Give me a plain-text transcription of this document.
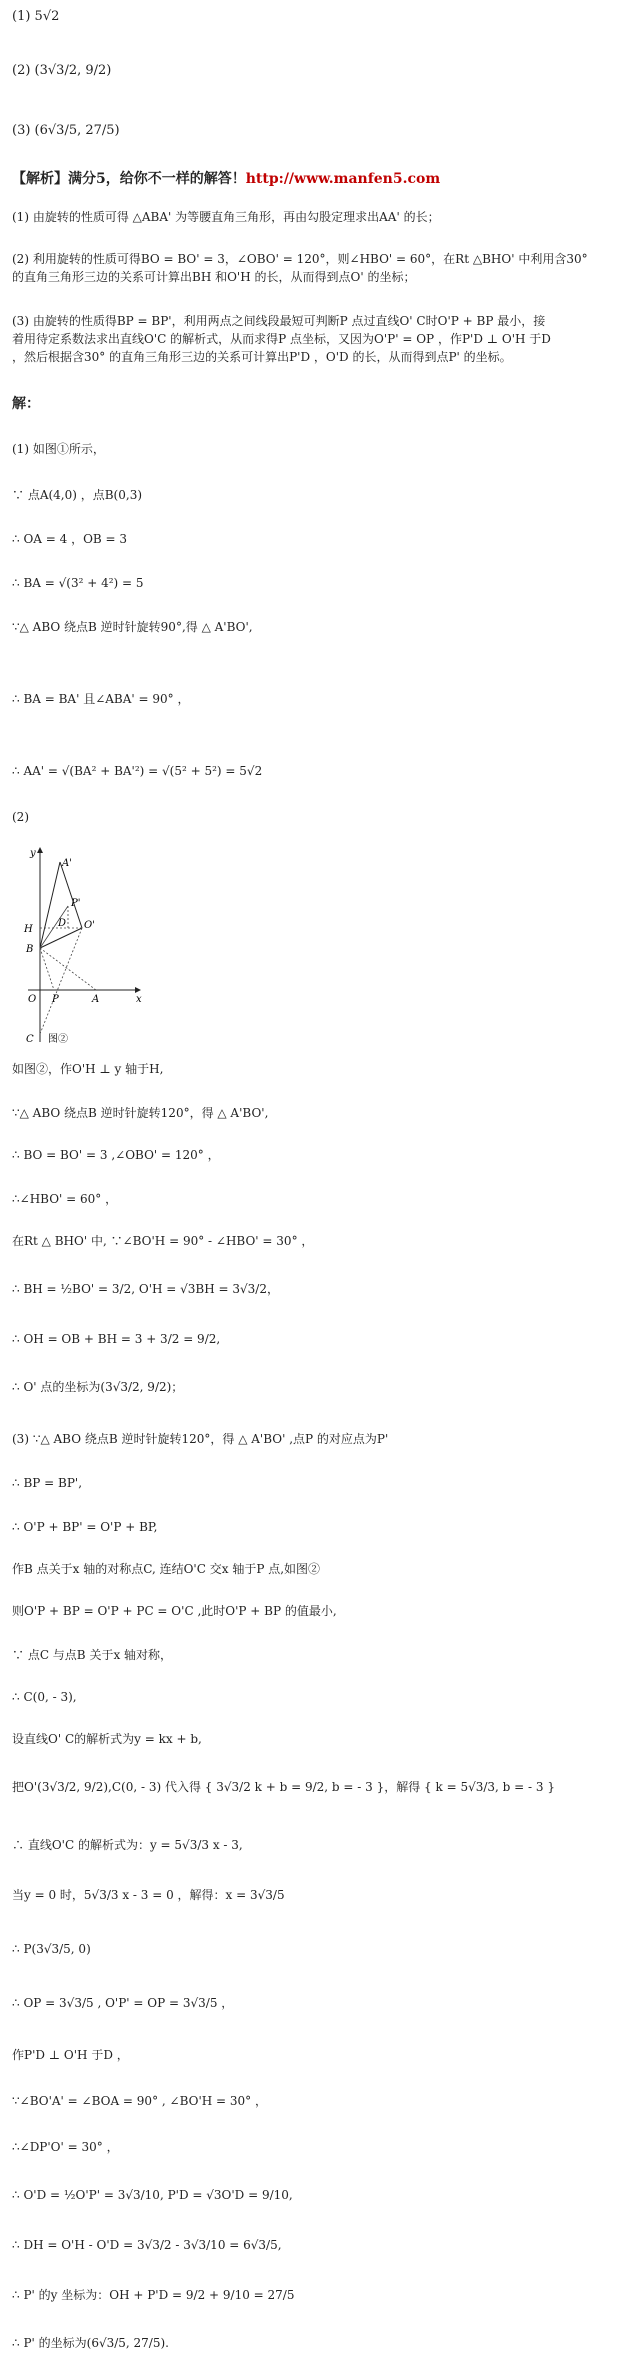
(1) 5√2
(2) (3√3/2, 9/2)
(3) (6√3/5, 27/5)
【解析】满分5，给你不一样的解答！http://www.manfen5.com
(1) 由旋转的性质可得 △ABA' 为等腰直角三角形，再由勾股定理求出AA' 的长；
(2) 利用旋转的性质可得BO = BO' = 3，∠OBO' = 120°，则∠HBO' = 60°，在Rt △BHO' 中利用含30°
的直角三角形三边的关系可计算出BH 和O'H 的长，从而得到点O' 的坐标；
(3) 由旋转的性质得BP = BP'，利用两点之间线段最短可判断P 点过直线O' C时O'P + BP 最小，接
着用待定系数法求出直线O'C 的解析式，从而求得P 点坐标，又因为O'P' = OP ，作P'D ⊥ O'H 于D
，然后根据含30° 的直角三角形三边的关系可计算出P'D ，O'D 的长，从而得到点P' 的坐标。
解：
(1) 如图①所示，
∵ 点A(4,0) ，点B(0,3)
∴ OA = 4 ，OB = 3
∴ BA = √(3² + 4²) = 5
∵△ ABO 绕点B 逆时针旋转90°,得 △ A'BO',
∴ BA = BA' 且∠ABA' = 90° ，
∴ AA' = √(BA² + BA'²) = √(5² + 5²) = 5√2
(2)
y
x
A'
P'
D O'
H
B
O P	A
C 图②
如图②，作O'H ⊥ y 轴于H,
∵△ ABO 绕点B 逆时针旋转120°，得 △ A'BO',
∴ BO = BO' = 3 ,∠OBO' = 120° ，
∴∠HBO' = 60° ，
在Rt △ BHO' 中, ∵∠BO'H = 90° - ∠HBO' = 30° ，
∴ BH = ½BO' = 3/2, O'H = √3BH = 3√3/2，
∴ OH = OB + BH = 3 + 3/2 = 9/2,
∴ O' 点的坐标为(3√3/2, 9/2)；
(3) ∵△ ABO 绕点B 逆时针旋转120°，得 △ A'BO' ,点P 的对应点为P'
∴ BP = BP',
∴ O'P + BP' = O'P + BP,
作B 点关于x 轴的对称点C, 连结O'C 交x 轴于P 点,如图②
则O'P + BP = O'P + PC = O'C ,此时O'P + BP 的值最小,
∵ 点C 与点B 关于x 轴对称，
∴ C(0, - 3),
设直线O' C的解析式为y = kx + b,
把O'(3√3/2, 9/2),C(0, - 3) 代入得 { 3√3/2 k + b = 9/2, b = - 3 }，解得 { k = 5√3/3, b = - 3 }
∴ 直线O'C 的解析式为：y = 5√3/3 x - 3,
当y = 0 时，5√3/3 x - 3 = 0 ，解得：x = 3√3/5
∴ P(3√3/5, 0)
∴ OP = 3√3/5 , O'P' = OP = 3√3/5 ，
作P'D ⊥ O'H 于D ，
∵∠BO'A' = ∠BOA = 90° , ∠BO'H = 30° ，
∴∠DP'O' = 30° ，
∴ O'D = ½O'P' = 3√3/10, P'D = √3O'D = 9/10,
∴ DH = O'H - O'D = 3√3/2 - 3√3/10 = 6√3/5,
∴ P' 的y 坐标为：OH + P'D = 9/2 + 9/10 = 27/5
∴ P' 的坐标为(6√3/5, 27/5).
